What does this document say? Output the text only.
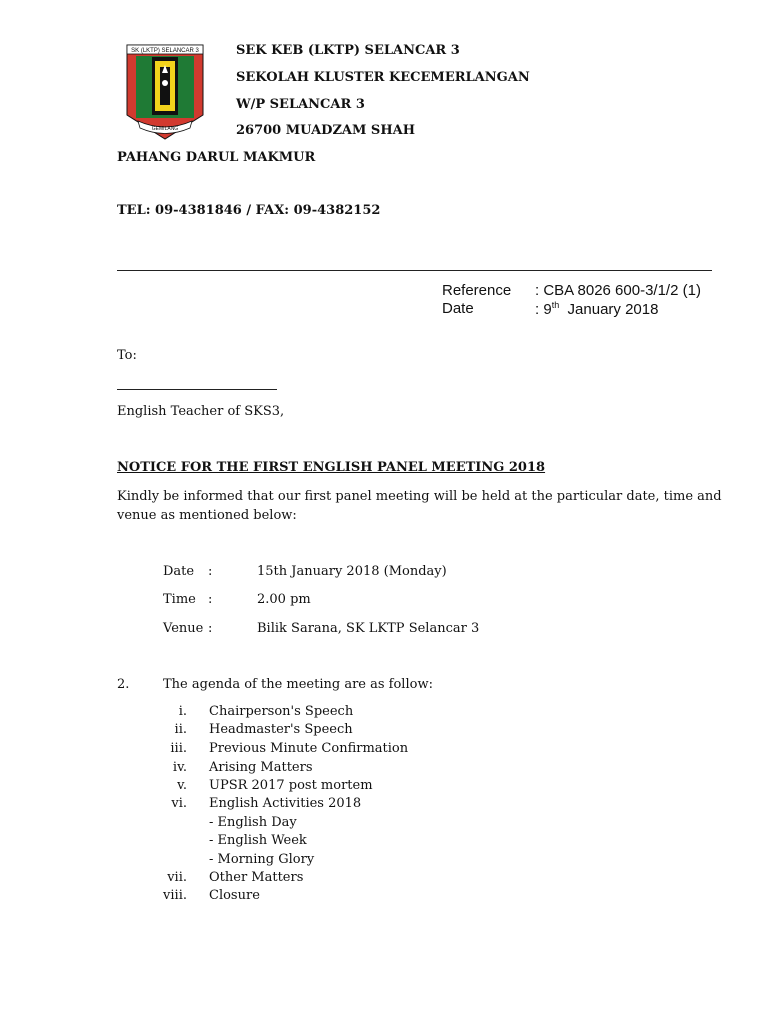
SK (LKTP) SELANCAR 3
GEMILANG
SEK KEB (LKTP) SELANCAR 3
SEKOLAH KLUSTER KECEMERLANGAN
W/P SELANCAR 3
26700 MUADZAM SHAH
PAHANG DARUL MAKMUR
TEL: 09-4381846 / FAX: 09-4382152
Reference : CBA 8026 600-3/1/2 (1)
Date	: 9th  January 2018
To:
English Teacher of SKS3,
NOTICE FOR THE FIRST ENGLISH PANEL MEETING 2018
Kindly be informed that our first panel meeting will be held at the particular date, time and
venue as mentioned below:
Date :	15th January 2018 (Monday)
Time :	2.00 pm
Venue :	Bilik Sarana, SK LKTP Selancar 3
2.	The agenda of the meeting are as follow:
i. Chairperson's Speech
ii. Headmaster's Speech
iii. Previous Minute Confirmation
iv. Arising Matters
v. UPSR 2017 post mortem
vi. English Activities 2018
- English Day
- English Week
- Morning Glory
vii. Other Matters
viii. Closure
